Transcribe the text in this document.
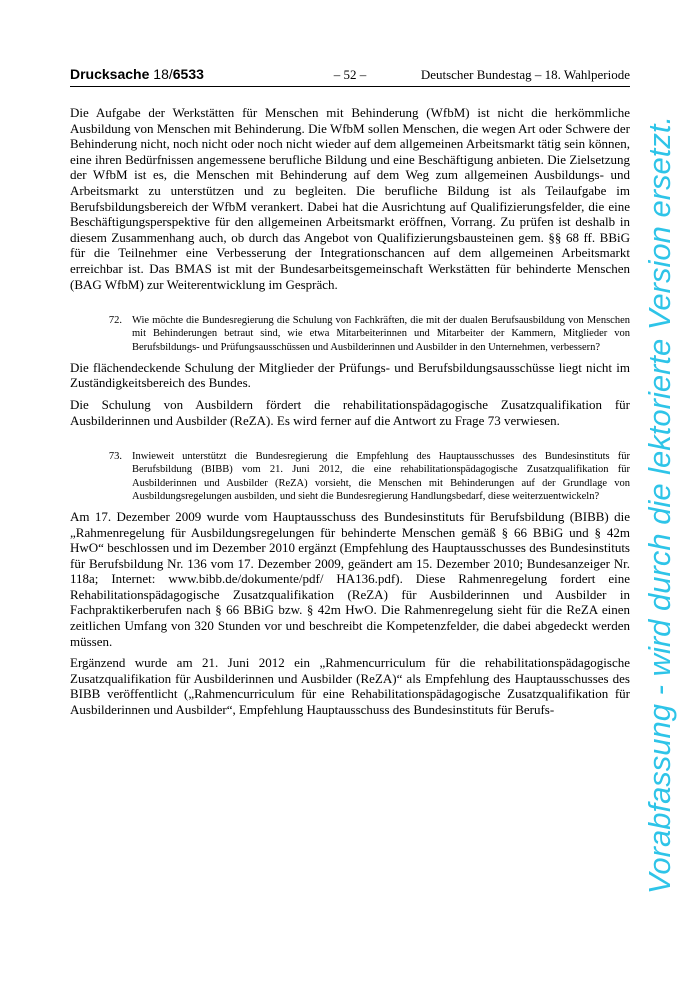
Drucksache 18/6533	– 52 –	Deutscher Bundestag – 18. Wahlperiode

Die Aufgabe der Werkstätten für Menschen mit Behinderung (WfbM) ist nicht die herkömmliche Ausbildung von Menschen mit Behinderung. Die WfbM sollen Menschen, die wegen Art oder Schwere der Behinderung nicht, noch nicht oder noch nicht wieder auf dem allgemeinen Arbeitsmarkt tätig sein können, eine ihren Bedürfnissen angemessene berufliche Bildung und eine Beschäftigung anbieten. Die Zielsetzung der WfbM ist es, die Menschen mit Behinderung auf dem Weg zum allgemeinen Ausbildungs- und Arbeitsmarkt zu unterstützen und zu begleiten. Die berufliche Bildung ist als Teilaufgabe im Berufsbildungsbereich der WfbM verankert. Dabei hat die Ausrichtung auf Qualifizierungsfelder, die eine Beschäftigungsperspektive für den allgemeinen Arbeitsmarkt eröffnen, Vorrang. Zu prüfen ist deshalb in diesem Zusammenhang auch, ob durch das Angebot von Qualifizierungsbausteinen gem. §§ 68 ff. BBiG für die Teilnehmer eine Verbesserung der Integrationschancen auf dem allgemeinen Arbeitsmarkt erreichbar ist. Das BMAS ist mit der Bundesarbeitsgemeinschaft Werkstätten für behinderte Menschen (BAG WfbM) zur Weiterentwicklung im Gespräch.

72. Wie möchte die Bundesregierung die Schulung von Fachkräften, die mit der dualen Berufsausbildung von Menschen mit Behinderungen betraut sind, wie etwa Mitarbeiterinnen und Mitarbeiter der Kammern, Mitglieder von Berufsbildungs- und Prüfungsausschüssen und Ausbilderinnen und Ausbilder in den Unternehmen, verbessern?

Die flächendeckende Schulung der Mitglieder der Prüfungs- und Berufsbildungsausschüsse liegt nicht im Zuständigkeitsbereich des Bundes.

Die Schulung von Ausbildern fördert die rehabilitationspädagogische Zusatzqualifikation für Ausbilderinnen und Ausbilder (ReZA). Es wird ferner auf die Antwort zu Frage 73 verwiesen.

73. Inwieweit unterstützt die Bundesregierung die Empfehlung des Hauptausschusses des Bundesinstituts für Berufsbildung (BIBB) vom 21. Juni 2012, die eine rehabilitationspädagogische Zusatzqualifikation für Ausbilderinnen und Ausbilder (ReZA) vorsieht, die Menschen mit Behinderungen auf der Grundlage von Ausbildungsregelungen ausbilden, und sieht die Bundesregierung Handlungsbedarf, diese weiterzuentwickeln?

Am 17. Dezember 2009 wurde vom Hauptausschuss des Bundesinstituts für Berufsbildung (BIBB) die „Rahmenregelung für Ausbildungsregelungen für behinderte Menschen gemäß § 66 BBiG und § 42m HwO“ beschlossen und im Dezember 2010 ergänzt (Empfehlung des Hauptausschusses des Bundesinstituts für Berufsbildung Nr. 136 vom 17. Dezember 2009, geändert am 15. Dezember 2010; Bundesanzeiger Nr. 118a; Internet: www.bibb.de/dokumente/pdf/ HA136.pdf). Diese Rahmenregelung fordert eine Rehabilitationspädagogische Zusatzqualifikation (ReZA) für Ausbilderinnen und Ausbilder in Fachpraktikerberufen nach § 66 BBiG bzw. § 42m HwO. Die Rahmenregelung sieht für die ReZA einen zeitlichen Umfang von 320 Stunden vor und beschreibt die Kompetenzfelder, die dabei abgedeckt werden müssen.

Ergänzend wurde am 21. Juni 2012 ein „Rahmencurriculum für die rehabilitationspädagogische Zusatzqualifikation für Ausbilderinnen und Ausbilder (ReZA)“ als Empfehlung des Hauptausschusses des BIBB veröffentlicht („Rahmencurriculum für eine Rehabilitationspädagogische Zusatzqualifikation für Ausbilderinnen und Ausbilder“, Empfehlung Hauptausschuss des Bundesinstituts für Berufs-	Vorabfassung - wird durch die lektorierte Version ersetzt.
